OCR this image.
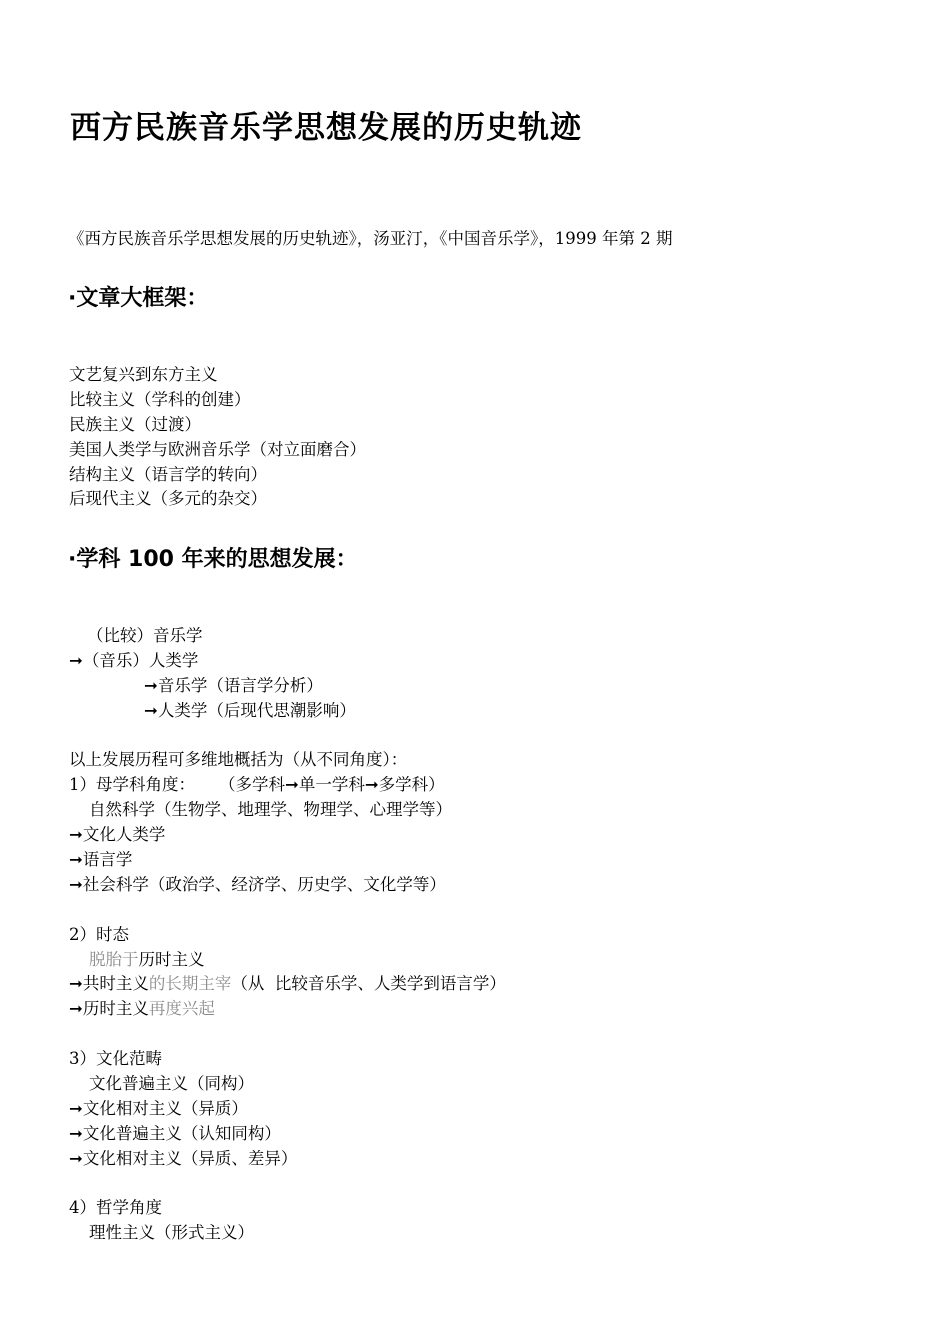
西方民族音乐学思想发展的历史轨迹
《西方民族音乐学思想发展的历史轨迹》，汤亚汀，《中国音乐学》，1999 年第 2 期
·文章大框架：
文艺复兴到东方主义
比较主义（学科的创建）
民族主义（过渡）
美国人类学与欧洲音乐学（对立面磨合）
结构主义（语言学的转向）
后现代主义（多元的杂交）
·学科 100 年来的思想发展：
（比较）音乐学
➞（音乐）人类学
➞音乐学（语言学分析）
➞人类学（后现代思潮影响）
以上发展历程可多维地概括为（从不同角度）：
1）母学科角度： （多学科➞单一学科➞多学科）
自然科学（生物学、地理学、物理学、心理学等）
➞文化人类学
➞语言学
➞社会科学（政治学、经济学、历史学、文化学等）
2）时态
脱胎于历时主义
➞共时主义的长期主宰（从  比较音乐学、人类学到语言学）
➞历时主义再度兴起
3）文化范畴
文化普遍主义（同构）
➞文化相对主义（异质）
➞文化普遍主义（认知同构）
➞文化相对主义（异质、差异）
4）哲学角度
理性主义（形式主义）
